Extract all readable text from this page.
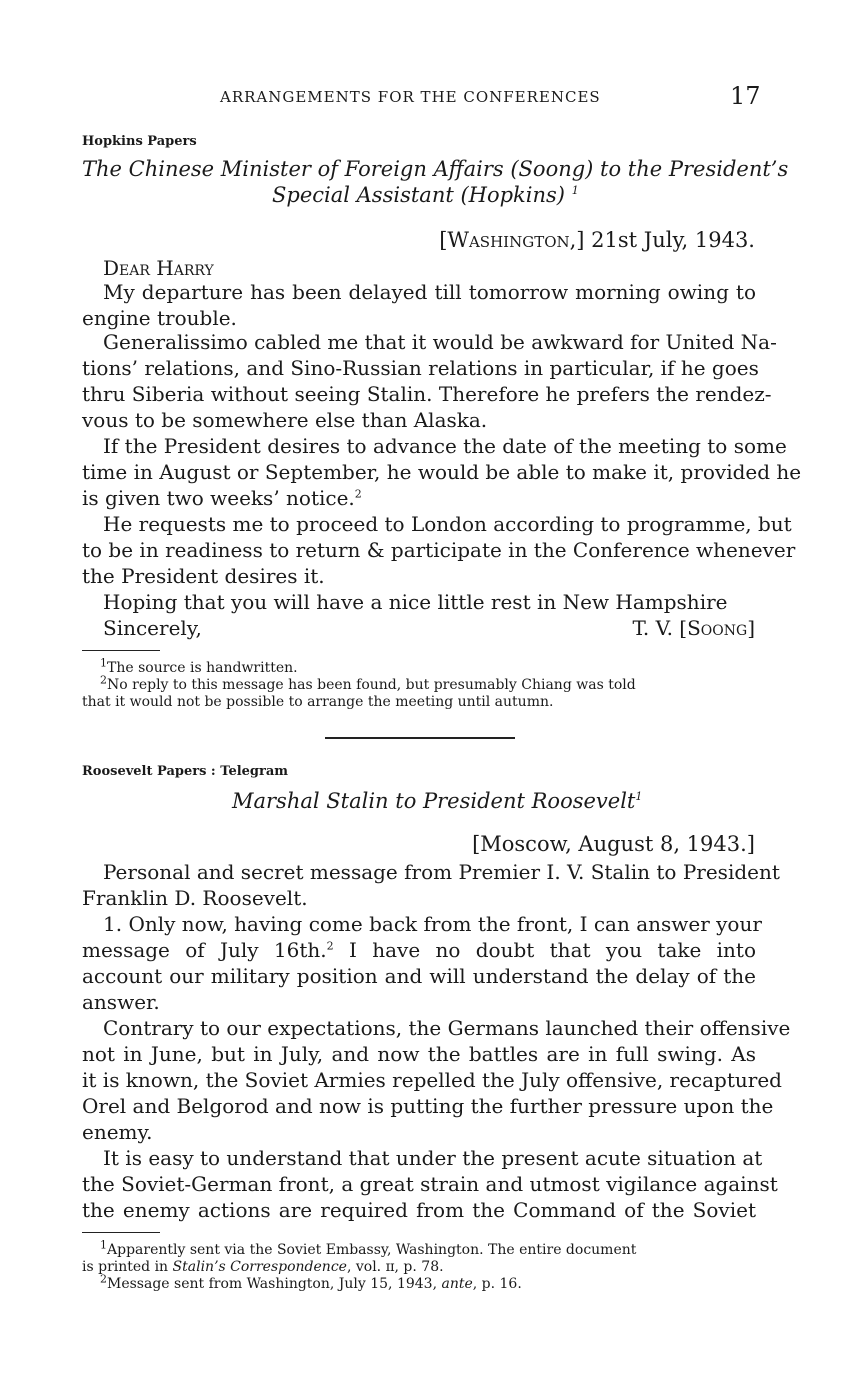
ARRANGEMENTS FOR THE CONFERENCES	17
Hopkins Papers
The Chinese Minister of Foreign Affairs (Soong) to the President’s
Special Assistant (Hopkins) $^1$
[Washington,] 21st July, 1943.
Dear Harry
My departure has been delayed till tomorrow morning owing to
engine trouble.
Generalissimo cabled me that it would be awkward for United Na-
tions’ relations, and Sino-Russian relations in particular, if he goes
thru Siberia without seeing Stalin. Therefore he prefers the rendez-
vous to be somewhere else than Alaska.
If the President desires to advance the date of the meeting to some
time in August or September, he would be able to make it, provided he
is given two weeks’ notice.$^2$
He requests me to proceed to London according to programme, but
to be in readiness to return & participate in the Conference whenever
the President desires it.
Hoping that you will have a nice little rest in New Hampshire
Sincerely,	T. V. [Soong]
$^1$The source is handwritten.
$^2$No reply to this message has been found, but presumably Chiang was told
that it would not be possible to arrange the meeting until autumn.
Roosevelt Papers : Telegram
Marshal Stalin to President Roosevelt$^1$
[Moscow, August 8, 1943.]
Personal and secret message from Premier I. V. Stalin to President
Franklin D. Roosevelt.
1. Only now, having come back from the front, I can answer your
message of July 16th.$^2$ I have no doubt that you take into
account our military position and will understand the delay of the
answer.
Contrary to our expectations, the Germans launched their offensive
not in June, but in July, and now the battles are in full swing. As
it is known, the Soviet Armies repelled the July offensive, recaptured
Orel and Belgorod and now is putting the further pressure upon the
enemy.
It is easy to understand that under the present acute situation at
the Soviet-German front, a great strain and utmost vigilance against
the enemy actions are required from the Command of the Soviet
$^1$Apparently sent via the Soviet Embassy, Washington. The entire document
is printed in Stalin’s Correspondence, vol. ɪɪ, p. 78.
$^2$Message sent from Washington, July 15, 1943, ante, p. 16.
